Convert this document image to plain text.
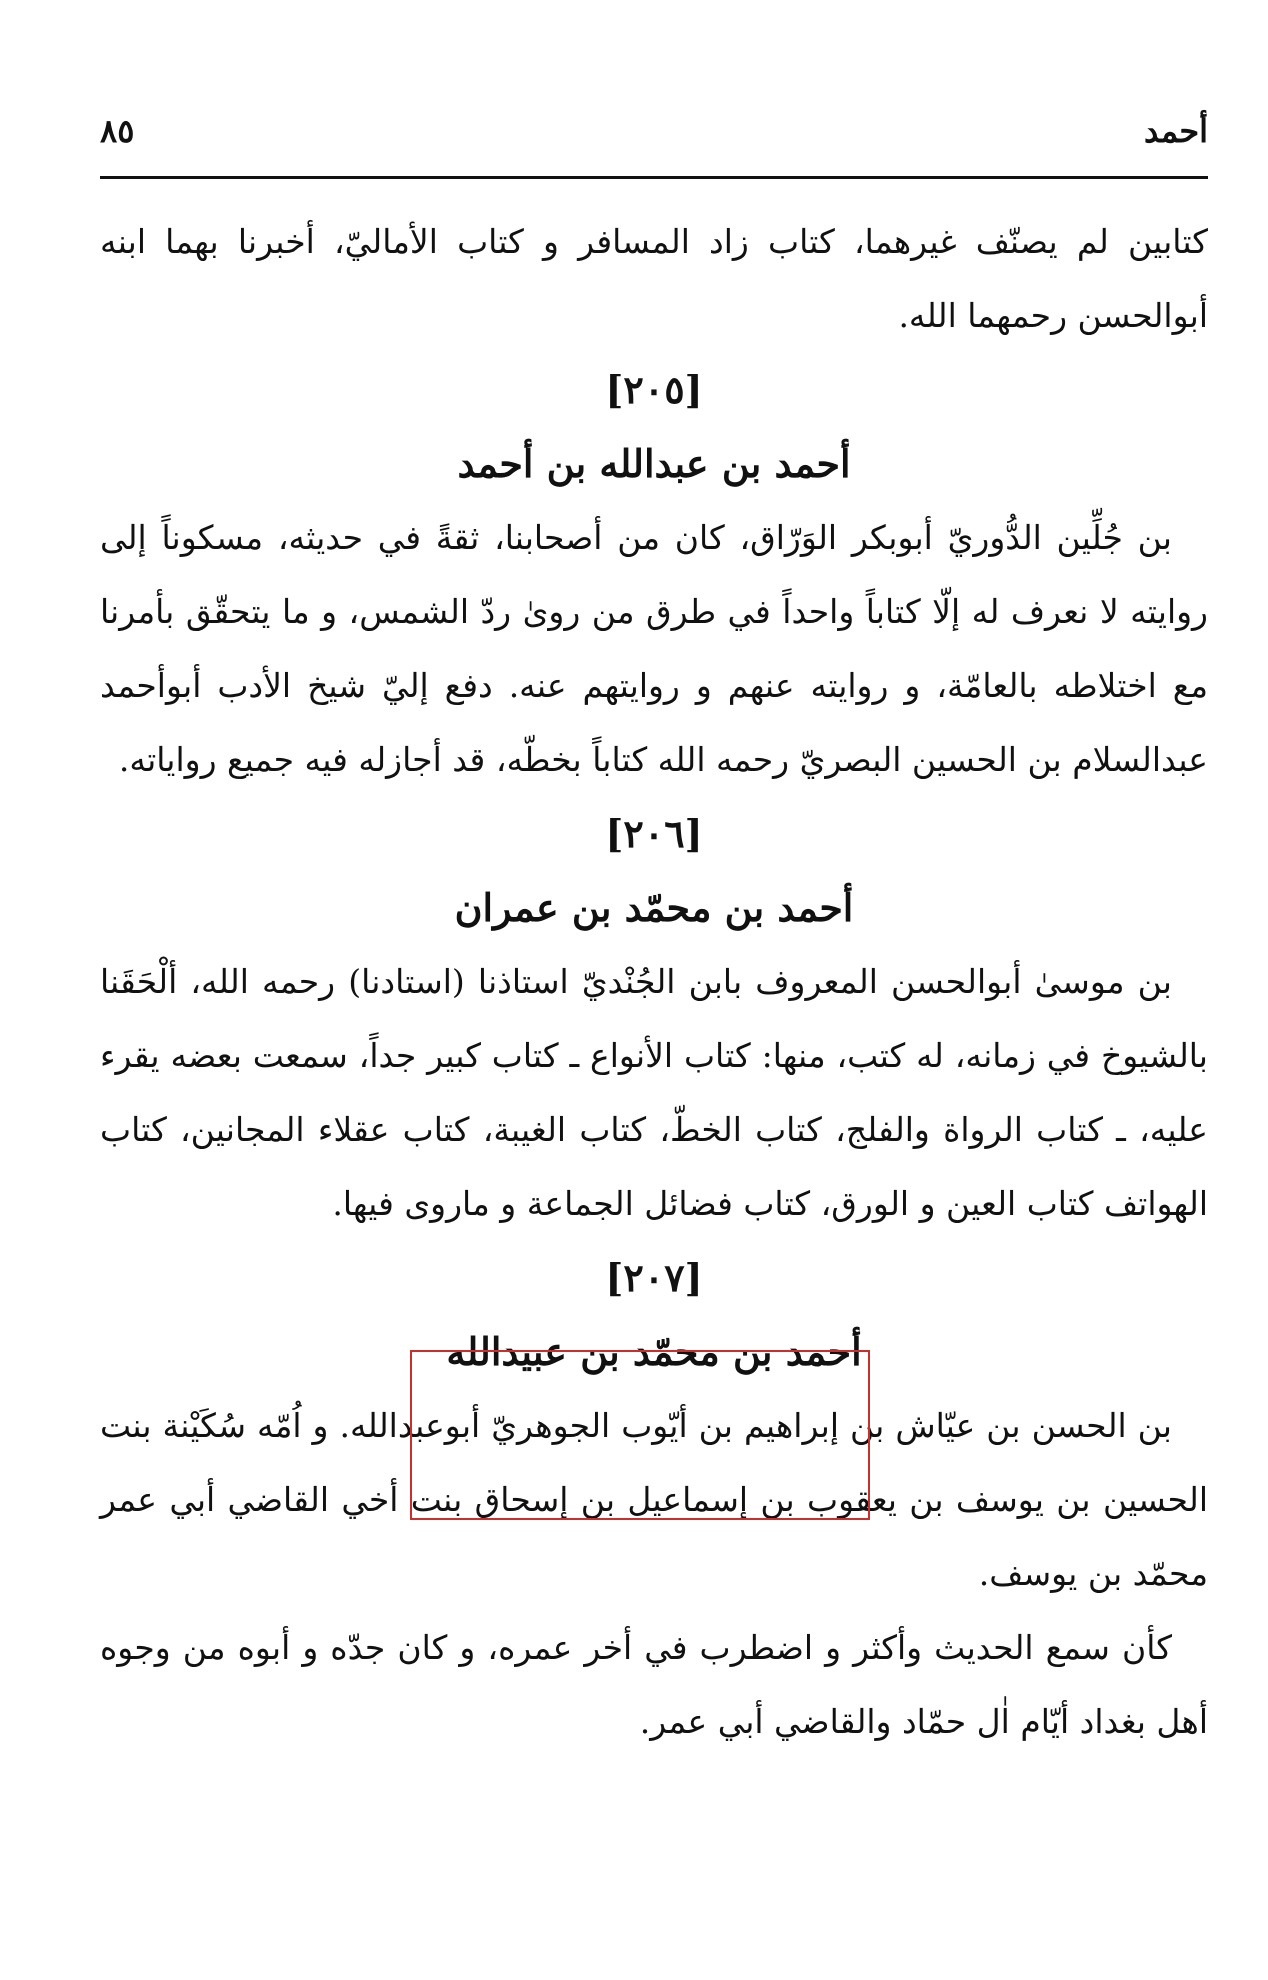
أحمد
٨٥

كتابين لم يصنّف غيرهما، كتاب زاد المسافر و كتاب الأماليّ، أخبرنا بهما ابنه أبوالحسن رحمهما الله.

[٢٠٥]
أحمد بن عبدالله بن أحمد

بن جُلِّين الدُّوريّ أبوبكر الوَرّاق، كان من أصحابنا، ثقةً في حديثه، مسكوناً إلى روايته لا نعرف له إلّا كتاباً واحداً في طرق من روىٰ ردّ الشمس، و ما يتحقّق بأمرنا مع اختلاطه بالعامّة، و روايته عنهم و روايتهم عنه. دفع إليّ شيخ الأدب أبوأحمد عبدالسلام بن الحسين البصريّ رحمه الله كتاباً بخطّه، قد أجازله فيه جميع رواياته.

[٢٠٦]
أحمد بن محمّد بن عمران

بن موسىٰ أبوالحسن المعروف بابن الجُنْديّ استاذنا (استادنا) رحمه الله، ألْحَقَنا بالشيوخ في زمانه، له كتب، منها: كتاب الأنواع ـ كتاب كبير جداً، سمعت بعضه يقرء عليه، ـ كتاب الرواة والفلج، كتاب الخطّ، كتاب الغيبة، كتاب عقلاء المجانين، كتاب الهواتف كتاب العين و الورق، كتاب فضائل الجماعة و ماروى فيها.

[٢٠٧]
أحمد بن محمّد بن عبيدالله

بن الحسن بن عيّاش بن إبراهيم بن أيّوب الجوهريّ أبوعبدالله. و اُمّه سُكَيْنة بنت الحسين بن يوسف بن يعقوب بن إسماعيل بن إسحاق بنت أخي القاضي أبي عمر محمّد بن يوسف.

كأن سمع الحديث وأكثر و اضطرب في أخر عمره، و كان جدّه و أبوه من وجوه أهل بغداد أيّام اٰل حمّاد والقاضي أبي عمر.
